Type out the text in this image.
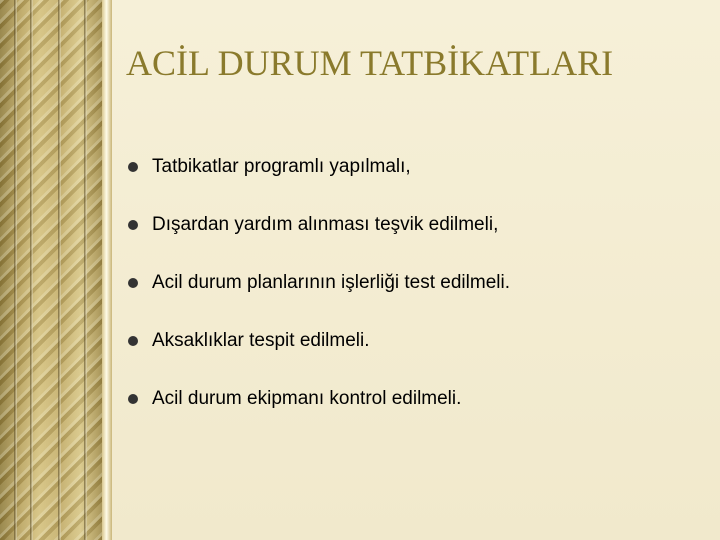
ACİL DURUM TATBİKATLARI
Tatbikatlar programlı yapılmalı,
Dışardan yardım alınması teşvik edilmeli,
Acil durum planlarının işlerliği test edilmeli.
Aksaklıklar tespit edilmeli.
Acil durum ekipmanı kontrol edilmeli.
